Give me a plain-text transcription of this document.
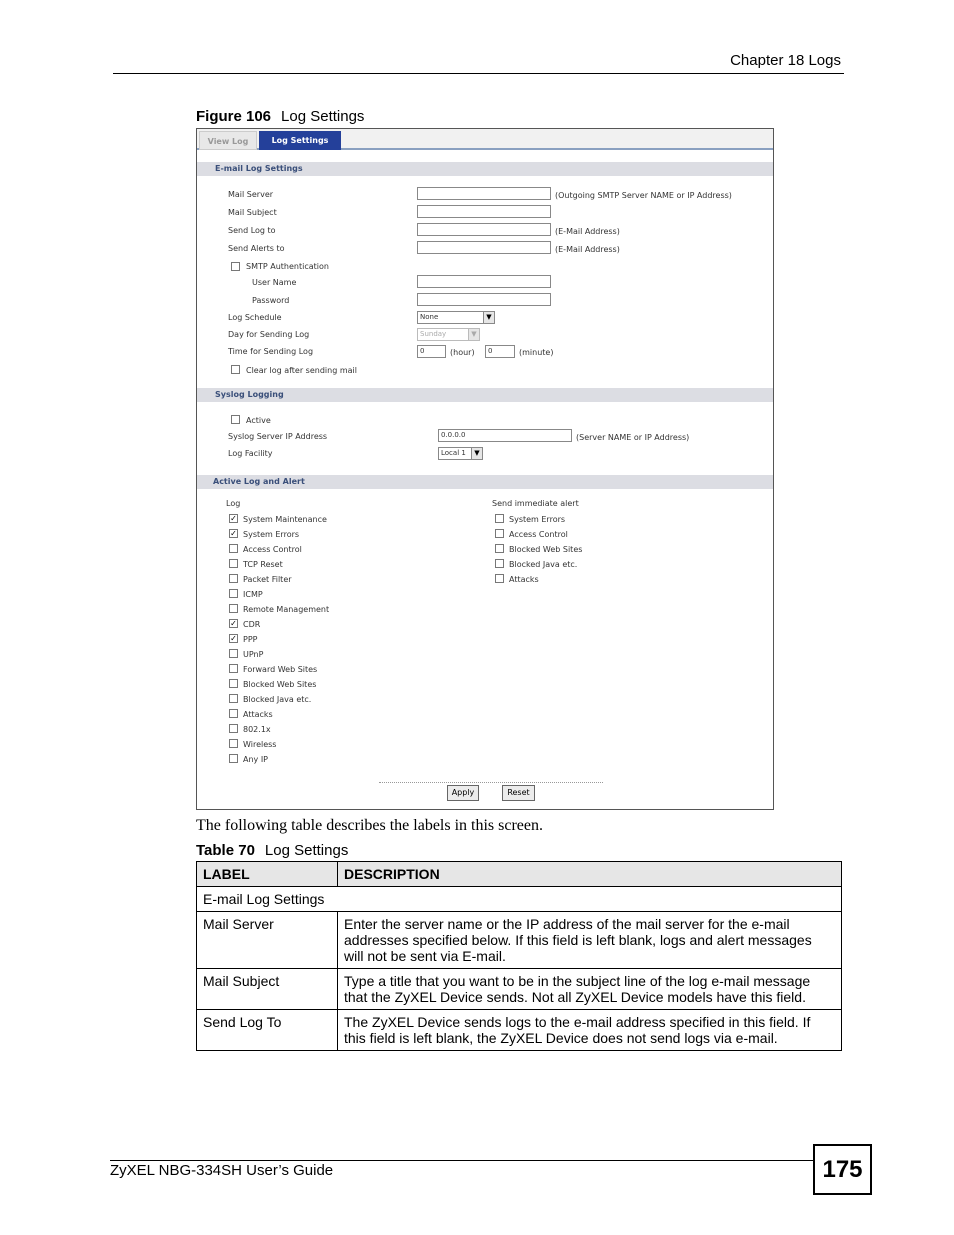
Chapter 18 Logs
Figure 106 Log Settings
View Log	Log Settings
E-mail Log Settings
Mail Server	(Outgoing SMTP Server NAME or IP Address)
Mail Subject
Send Log to	(E-Mail Address)
Send Alerts to	(E-Mail Address)
SMTP Authentication
User Name
Password
Log Schedule	None	▼
Day for Sending Log	Sunday	▼
Time for Sending Log	0	(hour)	0	(minute)
Clear log after sending mail
Syslog Logging
Active
Syslog Server IP Address	0.0.0.0	(Server NAME or IP Address)
Log Facility	Local 1	▼
Active Log and Alert
Log	Send immediate alert
✓ System Maintenance
✓ System Errors
Access Control
TCP Reset
Packet Filter
ICMP
Remote Management
✓ CDR
✓ PPP
UPnP
Forward Web Sites
Blocked Web Sites
Blocked Java etc.
Attacks
802.1x
Wireless
Any IP
System Errors
Access Control
Blocked Web Sites
Blocked Java etc.
Attacks
Apply	Reset
The following table describes the labels in this screen.
Table 70 Log Settings
LABEL	DESCRIPTION
E-mail Log Settings	
Mail Server	Enter the server name or the IP address of the mail server for the e-mail addresses specified below. If this field is left blank, logs and alert messages will not be sent via E-mail.
Mail Subject	Type a title that you want to be in the subject line of the log e-mail message that the ZyXEL Device sends. Not all ZyXEL Device models have this field.
Send Log To	The ZyXEL Device sends logs to the e-mail address specified in this field. If this field is left blank, the ZyXEL Device does not send logs via e-mail.
ZyXEL NBG-334SH User’s Guide	175
